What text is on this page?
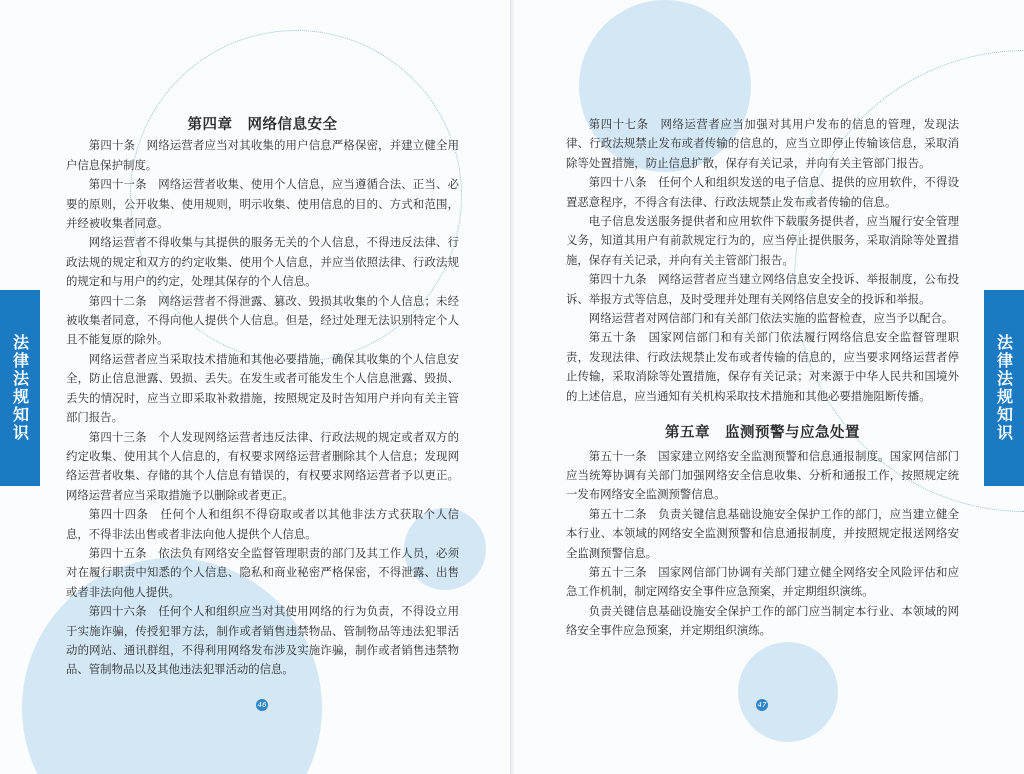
法律法规知识
第四章　网络信息安全

第四十条　网络运营者应当对其收集的用户信息严格保密，并建立健全用户信息保护制度。

第四十一条　网络运营者收集、使用个人信息，应当遵循合法、正当、必要的原则，公开收集、使用规则，明示收集、使用信息的目的、方式和范围，并经被收集者同意。

网络运营者不得收集与其提供的服务无关的个人信息，不得违反法律、行政法规的规定和双方的约定收集、使用个人信息，并应当依照法律、行政法规的规定和与用户的约定，处理其保存的个人信息。

第四十二条　网络运营者不得泄露、篡改、毁损其收集的个人信息；未经被收集者同意，不得向他人提供个人信息。但是，经过处理无法识别特定个人且不能复原的除外。

网络运营者应当采取技术措施和其他必要措施，确保其收集的个人信息安全，防止信息泄露、毁损、丢失。在发生或者可能发生个人信息泄露、毁损、丢失的情况时，应当立即采取补救措施，按照规定及时告知用户并向有关主管部门报告。

第四十三条　个人发现网络运营者违反法律、行政法规的规定或者双方的约定收集、使用其个人信息的，有权要求网络运营者删除其个人信息；发现网络运营者收集、存储的其个人信息有错误的，有权要求网络运营者予以更正。网络运营者应当采取措施予以删除或者更正。

第四十四条　任何个人和组织不得窃取或者以其他非法方式获取个人信息，不得非法出售或者非法向他人提供个人信息。

第四十五条　依法负有网络安全监督管理职责的部门及其工作人员，必须对在履行职责中知悉的个人信息、隐私和商业秘密严格保密，不得泄露、出售或者非法向他人提供。

第四十六条　任何个人和组织应当对其使用网络的行为负责，不得设立用于实施诈骗，传授犯罪方法，制作或者销售违禁物品、管制物品等违法犯罪活动的网站、通讯群组，不得利用网络发布涉及实施诈骗，制作或者销售违禁物品、管制物品以及其他违法犯罪活动的信息。

46
法律法规知识

第四十七条　网络运营者应当加强对其用户发布的信息的管理，发现法律、行政法规禁止发布或者传输的信息的，应当立即停止传输该信息，采取消除等处置措施，防止信息扩散，保存有关记录，并向有关主管部门报告。

第四十八条　任何个人和组织发送的电子信息、提供的应用软件，不得设置恶意程序，不得含有法律、行政法规禁止发布或者传输的信息。

电子信息发送服务提供者和应用软件下载服务提供者，应当履行安全管理义务，知道其用户有前款规定行为的，应当停止提供服务，采取消除等处置措施，保存有关记录，并向有关主管部门报告。

第四十九条　网络运营者应当建立网络信息安全投诉、举报制度，公布投诉、举报方式等信息，及时受理并处理有关网络信息安全的投诉和举报。

网络运营者对网信部门和有关部门依法实施的监督检查，应当予以配合。

第五十条　国家网信部门和有关部门依法履行网络信息安全监督管理职责，发现法律、行政法规禁止发布或者传输的信息的，应当要求网络运营者停止传输，采取消除等处置措施，保存有关记录；对来源于中华人民共和国境外的上述信息，应当通知有关机构采取技术措施和其他必要措施阻断传播。

第五章　监测预警与应急处置

第五十一条　国家建立网络安全监测预警和信息通报制度。国家网信部门应当统筹协调有关部门加强网络安全信息收集、分析和通报工作，按照规定统一发布网络安全监测预警信息。

第五十二条　负责关键信息基础设施安全保护工作的部门，应当建立健全本行业、本领域的网络安全监测预警和信息通报制度，并按照规定报送网络安全监测预警信息。

第五十三条　国家网信部门协调有关部门建立健全网络安全风险评估和应急工作机制，制定网络安全事件应急预案，并定期组织演练。

负责关键信息基础设施安全保护工作的部门应当制定本行业、本领域的网络安全事件应急预案，并定期组织演练。

47
